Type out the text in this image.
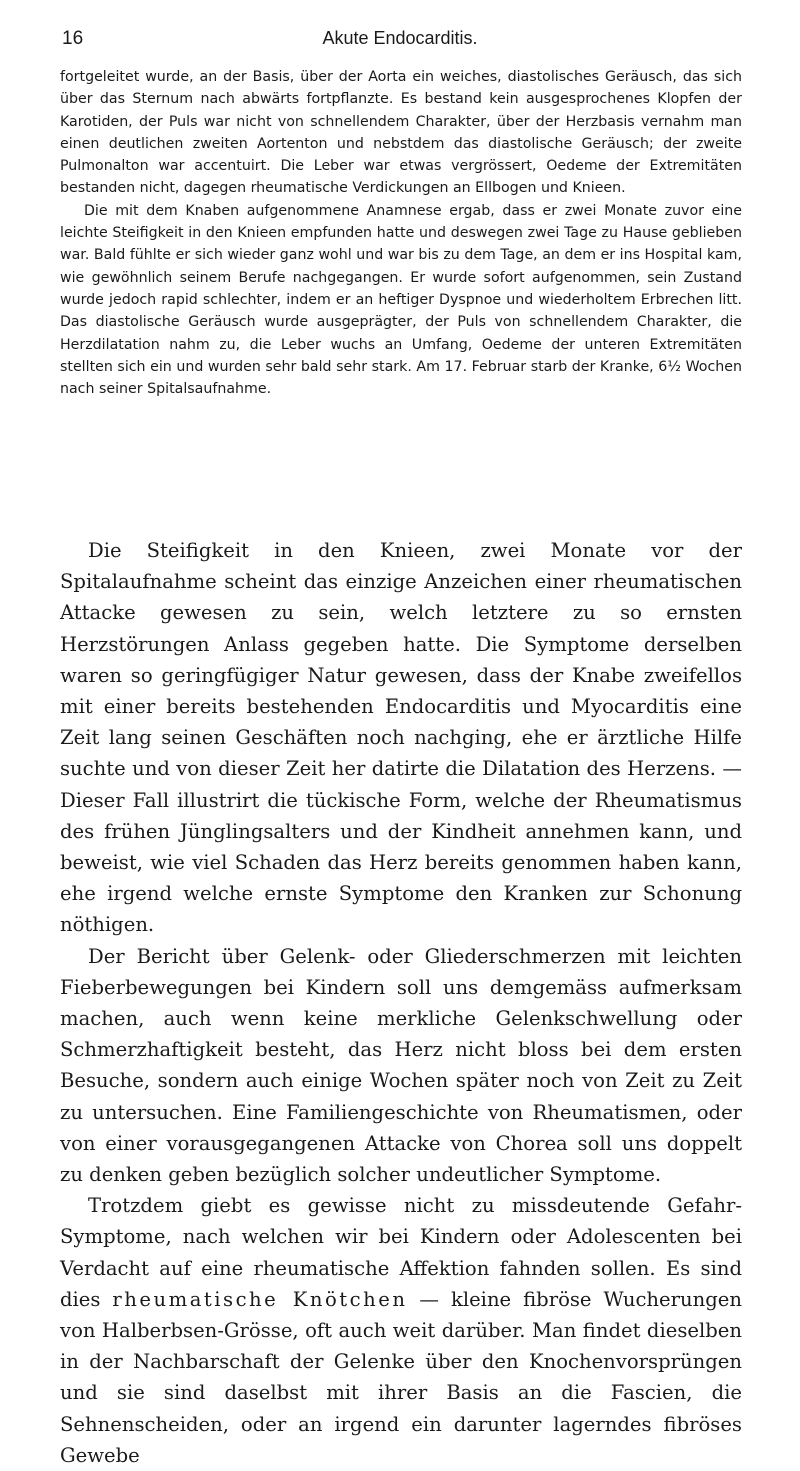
16	Akute Endocarditis.

fortgeleitet wurde, an der Basis, über der Aorta ein weiches, diastolisches Geräusch, das sich über das Sternum nach abwärts fortpflanzte. Es bestand kein ausgesprochenes Klopfen der Karotiden, der Puls war nicht von schnellendem Charakter, über der Herzbasis vernahm man einen deutlichen zweiten Aortenton und nebstdem das diastolische Geräusch; der zweite Pulmonalton war accentuirt. Die Leber war etwas vergrössert, Oedeme der Extremitäten bestanden nicht, dagegen rheumatische Verdickungen an Ellbogen und Knieen.

Die mit dem Knaben aufgenommene Anamnese ergab, dass er zwei Monate zuvor eine leichte Steifigkeit in den Knieen empfunden hatte und deswegen zwei Tage zu Hause geblieben war. Bald fühlte er sich wieder ganz wohl und war bis zu dem Tage, an dem er ins Hospital kam, wie gewöhnlich seinem Berufe nachgegangen. Er wurde sofort aufgenommen, sein Zustand wurde jedoch rapid schlechter, indem er an heftiger Dyspnoe und wiederholtem Erbrechen litt. Das diastolische Geräusch wurde ausgeprägter, der Puls von schnellendem Charakter, die Herzdilatation nahm zu, die Leber wuchs an Umfang, Oedeme der unteren Extremitäten stellten sich ein und wurden sehr bald sehr stark. Am 17. Februar starb der Kranke, 6½ Wochen nach seiner Spitalsaufnahme.

Die Steifigkeit in den Knieen, zwei Monate vor der Spitalaufnahme scheint das einzige Anzeichen einer rheumatischen Attacke gewesen zu sein, welch letztere zu so ernsten Herzstörungen Anlass gegeben hatte. Die Symptome derselben waren so geringfügiger Natur gewesen, dass der Knabe zweifellos mit einer bereits bestehenden Endocarditis und Myocarditis eine Zeit lang seinen Geschäften noch nachging, ehe er ärztliche Hilfe suchte und von dieser Zeit her datirte die Dilatation des Herzens. — Dieser Fall illustrirt die tückische Form, welche der Rheumatismus des frühen Jünglingsalters und der Kindheit annehmen kann, und beweist, wie viel Schaden das Herz bereits genommen haben kann, ehe irgend welche ernste Symptome den Kranken zur Schonung nöthigen.

Der Bericht über Gelenk- oder Gliederschmerzen mit leichten Fieberbewegungen bei Kindern soll uns demgemäss aufmerksam machen, auch wenn keine merkliche Gelenkschwellung oder Schmerzhaftigkeit besteht, das Herz nicht bloss bei dem ersten Besuche, sondern auch einige Wochen später noch von Zeit zu Zeit zu untersuchen. Eine Familiengeschichte von Rheumatismen, oder von einer vorausgegangenen Attacke von Chorea soll uns doppelt zu denken geben bezüglich solcher undeutlicher Symptome.

Trotzdem giebt es gewisse nicht zu missdeutende Gefahr-Symptome, nach welchen wir bei Kindern oder Adolescenten bei Verdacht auf eine rheumatische Affektion fahnden sollen. Es sind dies rheumatische Knötchen — kleine fibröse Wucherungen von Halberbsen-Grösse, oft auch weit darüber. Man findet dieselben in der Nachbarschaft der Gelenke über den Knochenvorsprüngen und sie sind daselbst mit ihrer Basis an die Fascien, die Sehnenscheiden, oder an irgend ein darunter lagerndes fibröses Gewebe
